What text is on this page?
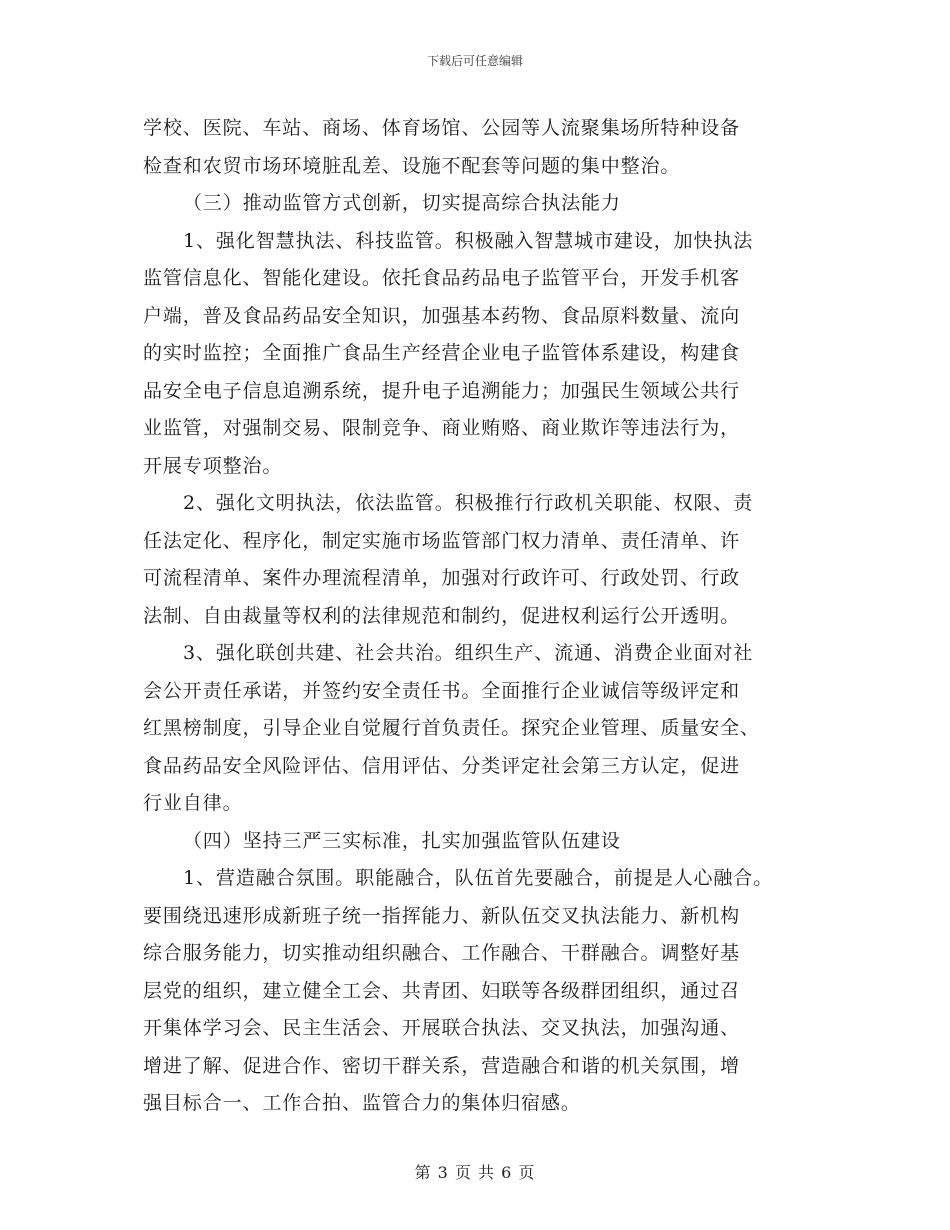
下载后可任意编辑
学校、医院、车站、商场、体育场馆、公园等人流聚集场所特种设备
检查和农贸市场环境脏乱差、设施不配套等问题的集中整治。
（三）推动监管方式创新，切实提高综合执法能力
1、强化智慧执法、科技监管。积极融入智慧城市建设，加快执法
监管信息化、智能化建设。依托食品药品电子监管平台，开发手机客
户端，普及食品药品安全知识，加强基本药物、食品原料数量、流向
的实时监控；全面推广食品生产经营企业电子监管体系建设，构建食
品安全电子信息追溯系统，提升电子追溯能力；加强民生领域公共行
业监管，对强制交易、限制竞争、商业贿赂、商业欺诈等违法行为，
开展专项整治。
2、强化文明执法，依法监管。积极推行行政机关职能、权限、责
任法定化、程序化，制定实施市场监管部门权力清单、责任清单、许
可流程清单、案件办理流程清单，加强对行政许可、行政处罚、行政
法制、自由裁量等权利的法律规范和制约，促进权利运行公开透明。
3、强化联创共建、社会共治。组织生产、流通、消费企业面对社
会公开责任承诺，并签约安全责任书。全面推行企业诚信等级评定和
红黑榜制度，引导企业自觉履行首负责任。探究企业管理、质量安全、
食品药品安全风险评估、信用评估、分类评定社会第三方认定，促进
行业自律。
（四）坚持三严三实标准，扎实加强监管队伍建设
1、营造融合氛围。职能融合，队伍首先要融合，前提是人心融合。
要围绕迅速形成新班子统一指挥能力、新队伍交叉执法能力、新机构
综合服务能力，切实推动组织融合、工作融合、干群融合。调整好基
层党的组织，建立健全工会、共青团、妇联等各级群团组织，通过召
开集体学习会、民主生活会、开展联合执法、交叉执法，加强沟通、
增进了解、促进合作、密切干群关系，营造融合和谐的机关氛围，增
强目标合一、工作合拍、监管合力的集体归宿感。
第 3 页 共 6 页
